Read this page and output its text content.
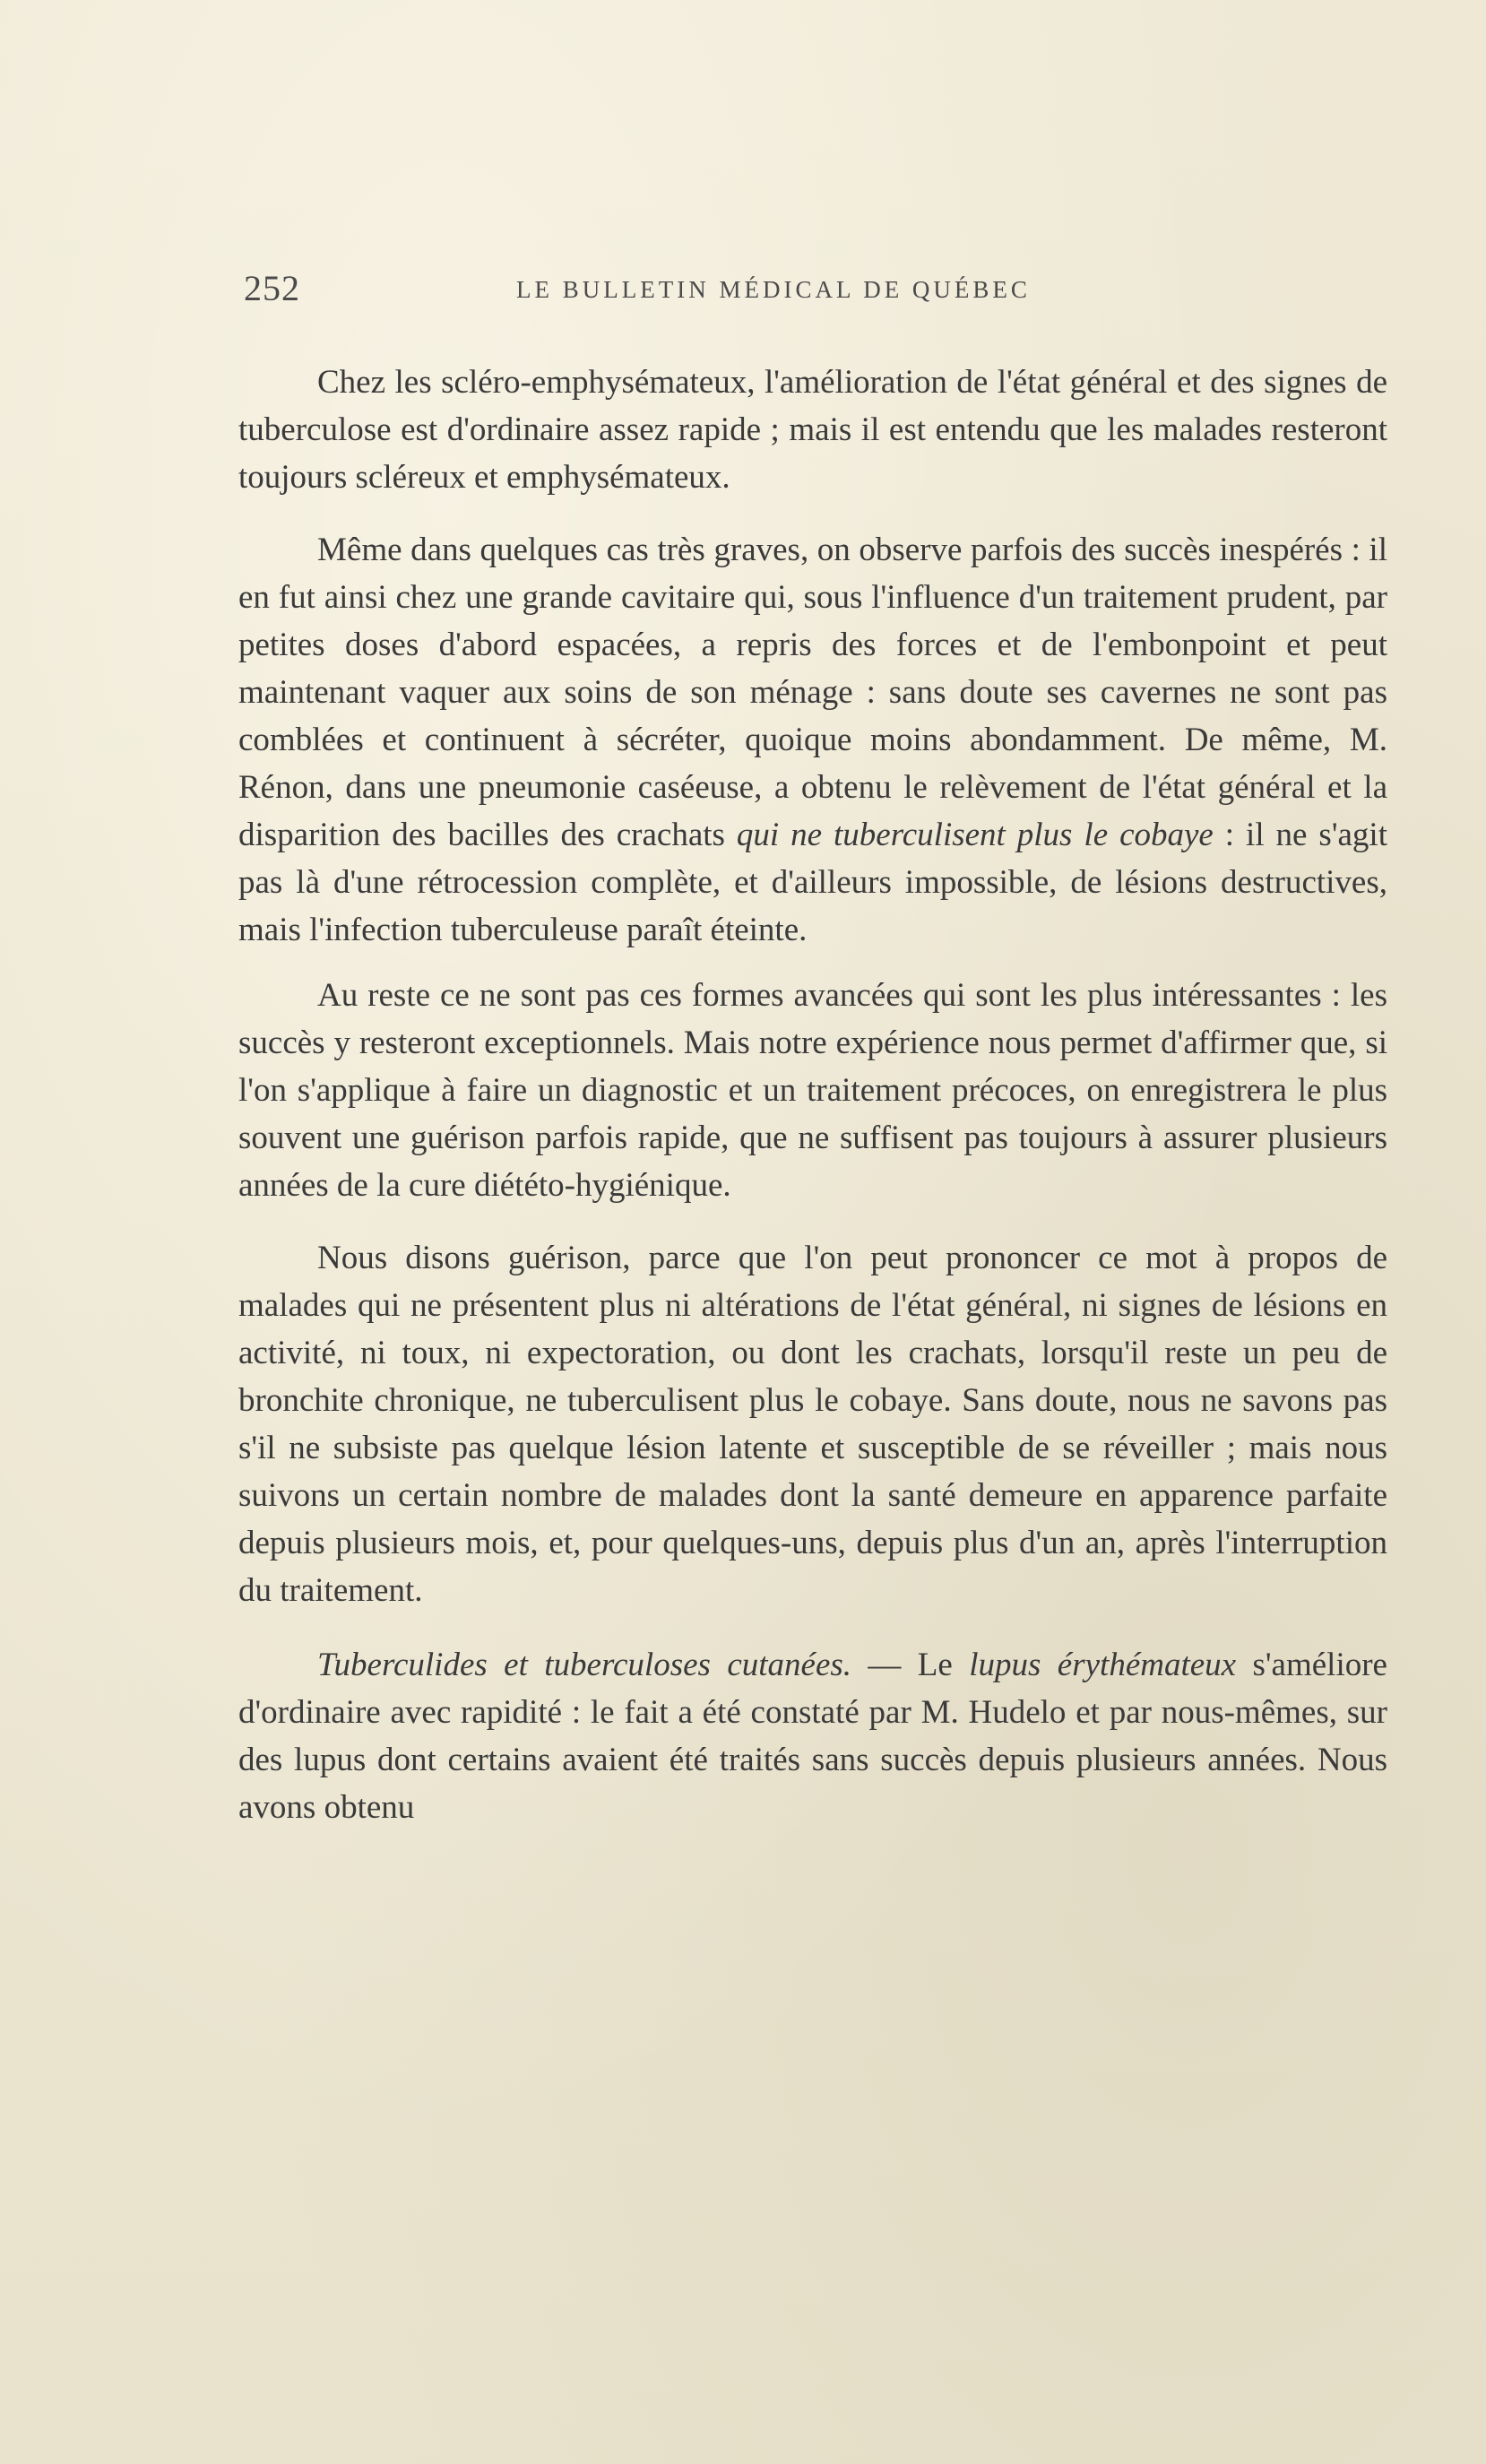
252	LE BULLETIN MÉDICAL DE QUÉBEC

Chez les scléro-emphysémateux, l'amélioration de l'état général et des signes de tuberculose est d'ordinaire assez rapide ; mais il est entendu que les malades resteront toujours scléreux et emphysémateux.

Même dans quelques cas très graves, on observe parfois des succès inespérés : il en fut ainsi chez une grande cavitaire qui, sous l'influence d'un traitement prudent, par petites doses d'abord espacées, a repris des forces et de l'embonpoint et peut maintenant vaquer aux soins de son ménage : sans doute ses cavernes ne sont pas comblées et continuent à sécréter, quoique moins abondamment. De même, M. Rénon, dans une pneumonie caséeuse, a obtenu le relèvement de l'état général et la disparition des bacilles des crachats qui ne tuberculisent plus le cobaye : il ne s'agit pas là d'une rétrocession complète, et d'ailleurs impossible, de lésions destructives, mais l'infection tuberculeuse paraît éteinte.

Au reste ce ne sont pas ces formes avancées qui sont les plus intéressantes : les succès y resteront exceptionnels. Mais notre expérience nous permet d'affirmer que, si l'on s'applique à faire un diagnostic et un traitement précoces, on enregistrera le plus souvent une guérison parfois rapide, que ne suffisent pas toujours à assurer plusieurs années de la cure diététo-hygiénique.

Nous disons guérison, parce que l'on peut prononcer ce mot à propos de malades qui ne présentent plus ni altérations de l'état général, ni signes de lésions en activité, ni toux, ni expectoration, ou dont les crachats, lorsqu'il reste un peu de bronchite chronique, ne tuberculisent plus le cobaye. Sans doute, nous ne savons pas s'il ne subsiste pas quelque lésion latente et susceptible de se réveiller ; mais nous suivons un certain nombre de malades dont la santé demeure en apparence parfaite depuis plusieurs mois, et, pour quelques-uns, depuis plus d'un an, après l'interruption du traitement.

Tuberculides et tuberculoses cutanées. — Le lupus érythémateux s'améliore d'ordinaire avec rapidité : le fait a été constaté par M. Hudelo et par nous-mêmes, sur des lupus dont certains avaient été traités sans succès depuis plusieurs années. Nous avons obtenu
